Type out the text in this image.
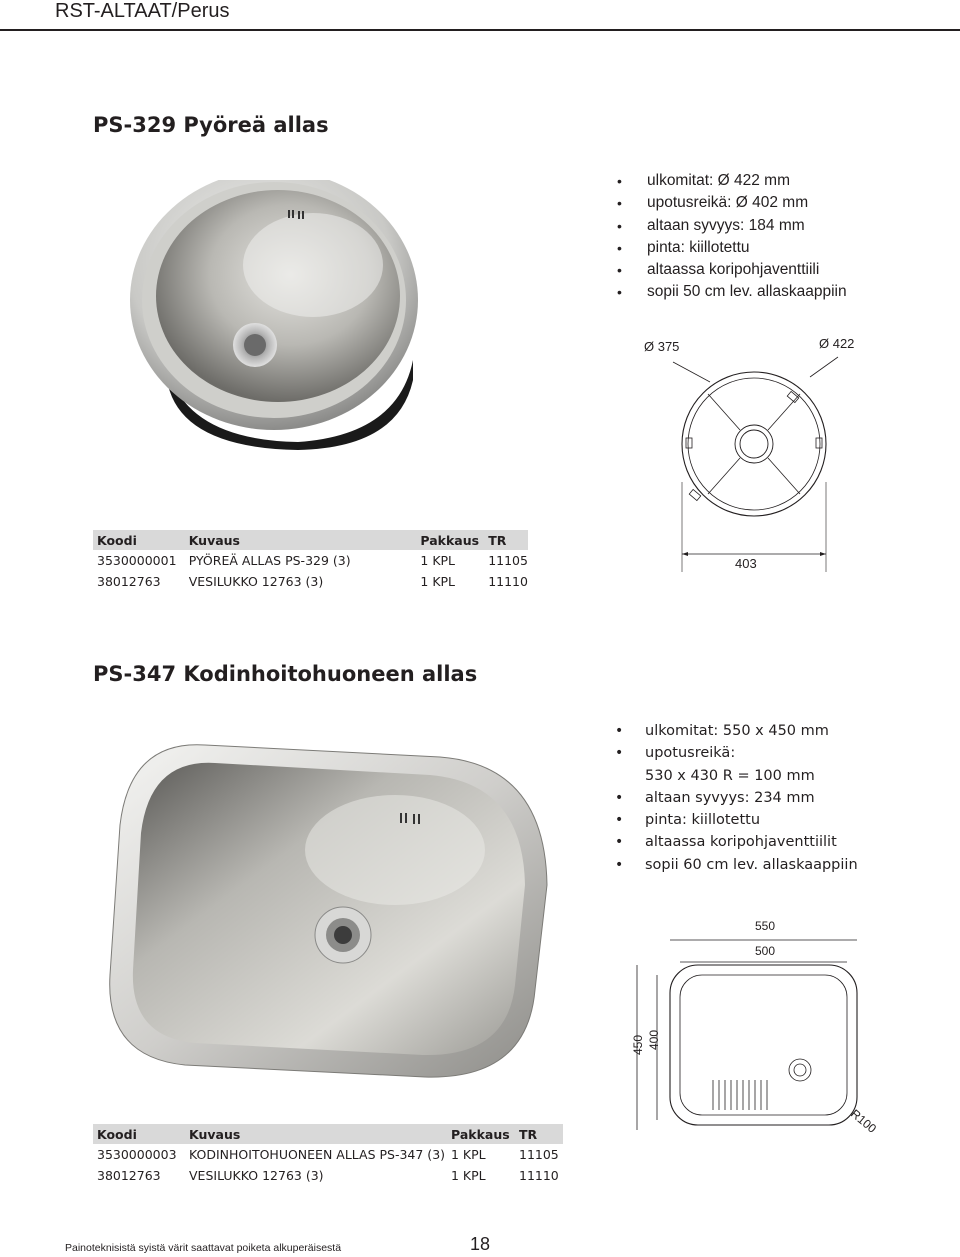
RST-ALTAAT/Perus
PS-329 Pyöreä allas
• ulkomitat: Ø 422 mm
• upotusreikä: Ø 402 mm
• altaan syvyys: 184 mm
• pinta: kiillotettu
• altaassa koripohjaventtiili
• sopii 50 cm lev. allaskaappiin
Ø 375	Ø 422
403
Koodi	Kuvaus	Pakkaus	TR
3530000001	PYÖREÄ ALLAS PS-329 (3)	1 KPL	11105
38012763	VESILUKKO 12763 (3)	1 KPL	11110
PS-347 Kodinhoitohuoneen allas
• ulkomitat: 550 x 450 mm
• upotusreikä:
530 x 430 R = 100 mm
• altaan syvyys: 234 mm
• pinta: kiillotettu
• altaassa koripohjaventtiilit
• sopii 60 cm lev. allaskaappiin
550
500
450 400
R100
Koodi	Kuvaus	Pakkaus	TR
3530000003	KODINHOITOHUONEEN ALLAS PS-347 (3)	1 KPL	11105
38012763	VESILUKKO 12763 (3)	1 KPL	11110
Painoteknisistä syistä värit saattavat poiketa alkuperäisestä	18
